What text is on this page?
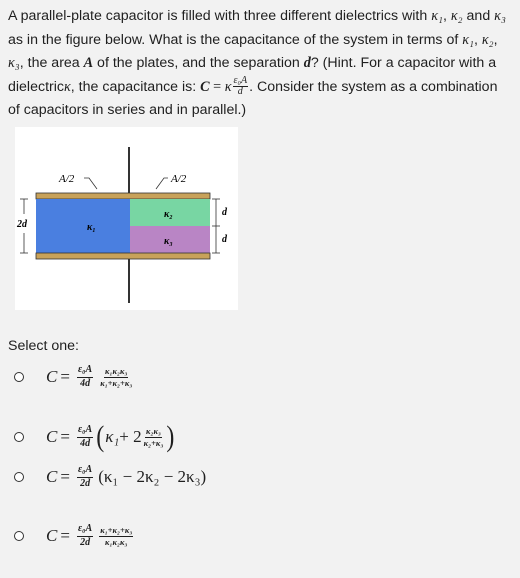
A parallel-plate capacitor is filled with three different dielectrics with κ₁, κ₂ and κ₃ as in the figure below. What is the capacitance of the system in terms of κ₁, κ₂, κ₃, the area A of the plates, and the separation d? (Hint. For a capacitor with a dielectricκ, the capacitance is: C = κ $\frac{\text{ε₀A}}{d}$ . Consider the system as a combination of capacitors in series and in parallel.)
A/2	A/2
κ₁
κ₂
κ₃
2d
d
d
Select one:
$C = \frac{\text{ε₀A}}{4d} \frac{\text{κ₁κ₂κ₃}}{\text{κ₁+κ₂+κ₃}}$
$C = \frac{\text{ε₀A}}{4d}$ ( $\kappa_1 + 2 \frac{\text{κ₂κ₃}}{\text{κ₂+κ₃}}$ )
$C = \frac{\text{ε₀A}}{2d} (\kappa_1 - 2\kappa_2 - 2\kappa_3)$
$C = \frac{\text{ε₀A}}{2d} \frac{\text{κ₁+κ₂+κ₃}}{\text{κ₁κ₂κ₃}}$
